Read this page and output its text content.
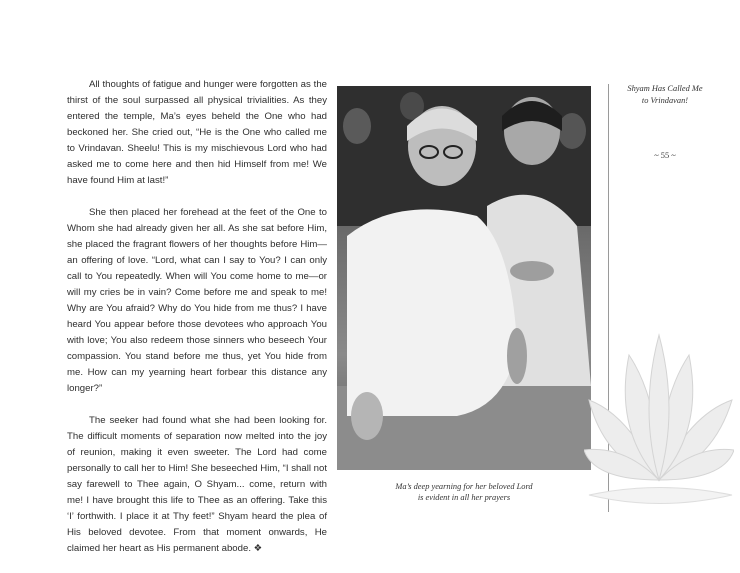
All thoughts of fatigue and hunger were forgotten as the thirst of the soul surpassed all physical trivialities. As they entered the temple, Ma’s eyes beheld the One who had beckoned her. She cried out, “He is the One who called me to Vrindavan. Sheelu! This is my mischievous Lord who had asked me to come here and then hid Himself from me! We have found Him at last!”

She then placed her forehead at the feet of the One to Whom she had already given her all. As she sat before Him, she placed the fragrant flowers of her thoughts before Him—an offering of love. “Lord, what can I say to You? I can only call to You repeatedly. When will You come home to me—or will my cries be in vain? Come before me and speak to me! Why are You afraid? Why do You hide from me thus? I have heard You appear before those devotees who approach You with love; You also redeem those sinners who beseech Your compassion. You stand before me thus, yet You hide from me. How can my yearning heart forbear this distance any longer?”

The seeker had found what she had been looking for. The difficult moments of separation now melted into the joy of reunion, making it even sweeter. The Lord had come personally to call her to Him! She beseeched Him, “I shall not say farewell to Thee again, O Shyam... come, return with me! I have brought this life to Thee as an offering. Take this ‘I’ forthwith. I place it at Thy feet!” Shyam heard the plea of His beloved devotee. From that moment onwards, He claimed her heart as His permanent abode. ❖

Ma’s deep yearning for her beloved Lord
is evident in all her prayers
Shyam Has Called Me
to Vrindavan!
~ 55 ~
